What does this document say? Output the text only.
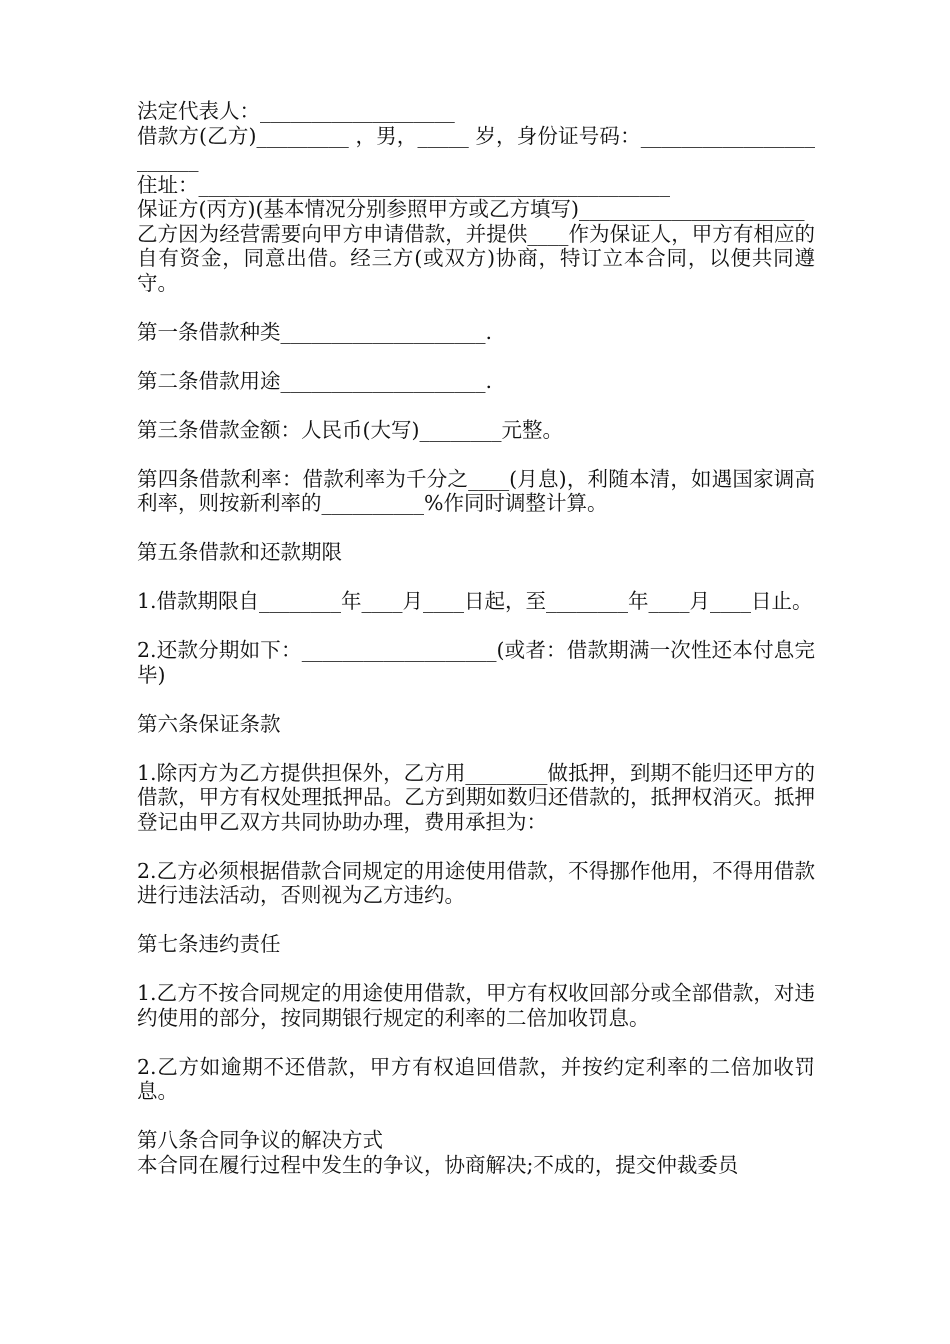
法定代表人：___________________

借款方(乙方)_________ ，男，_____ 岁，身份证号码：_______________________

住址：______________________________________________

保证方(丙方)(基本情况分别参照甲方或乙方填写)______________________

乙方因为经营需要向甲方申请借款，并提供____作为保证人，甲方有相应的自有资金，同意出借。经三方(或双方)协商，特订立本合同，以便共同遵守。

第一条借款种类____________________.

第二条借款用途____________________.

第三条借款金额：人民币(大写)________元整。

第四条借款利率：借款利率为千分之____(月息)，利随本清，如遇国家调高利率，则按新利率的__________%作同时调整计算。

第五条借款和还款期限

1.借款期限自________年____月____日起，至________年____月____日止。

2.还款分期如下：___________________(或者：借款期满一次性还本付息完毕)

第六条保证条款

1.除丙方为乙方提供担保外，乙方用________做抵押，到期不能归还甲方的借款，甲方有权处理抵押品。乙方到期如数归还借款的，抵押权消灭。抵押登记由甲乙双方共同协助办理，费用承担为：

2.乙方必须根据借款合同规定的用途使用借款，不得挪作他用，不得用借款进行违法活动，否则视为乙方违约。

第七条违约责任

1.乙方不按合同规定的用途使用借款，甲方有权收回部分或全部借款，对违约使用的部分，按同期银行规定的利率的二倍加收罚息。

2.乙方如逾期不还借款，甲方有权追回借款，并按约定利率的二倍加收罚息。

第八条合同争议的解决方式

本合同在履行过程中发生的争议，协商解决;不成的，提交仲裁委员
